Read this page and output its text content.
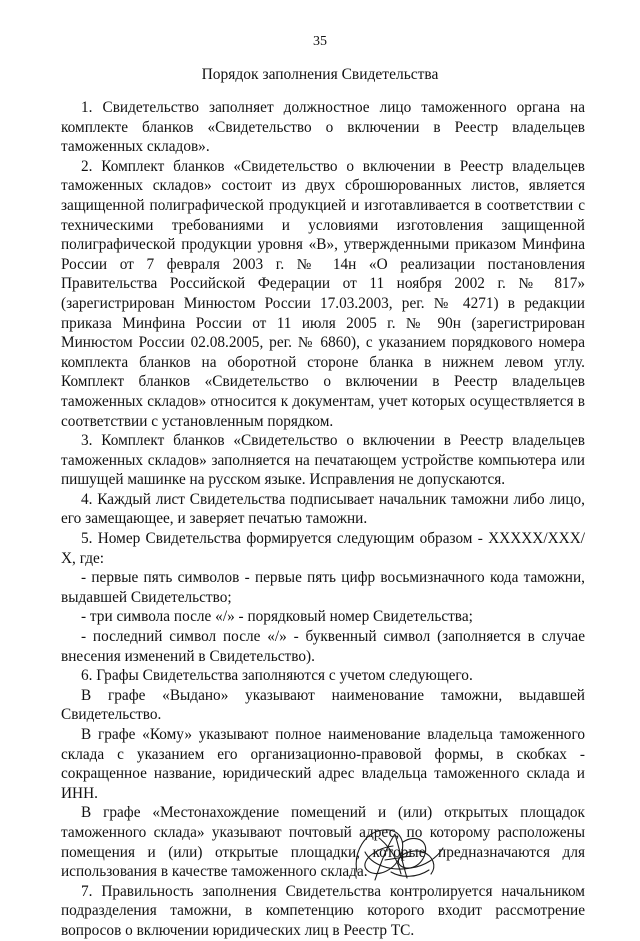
35
Порядок заполнения Свидетельства

1. Свидетельство заполняет должностное лицо таможенного органа на комплекте бланков «Свидетельство о включении в Реестр владельцев таможенных складов».

2. Комплект бланков «Свидетельство о включении в Реестр владельцев таможенных складов» состоит из двух сброшюрованных листов, является защищенной полиграфической продукцией и изготавливается в соответствии с техническими требованиями и условиями изготовления защищенной полиграфической продукции уровня «В», утвержденными приказом Минфина России от 7 февраля 2003 г. № 14н «О реализации постановления Правительства Российской Федерации от 11 ноября 2002 г. № 817» (зарегистрирован Минюстом России 17.03.2003, рег. № 4271) в редакции приказа Минфина России от 11 июля 2005 г. № 90н (зарегистрирован Минюстом России 02.08.2005, рег. № 6860), с указанием порядкового номера комплекта бланков на оборотной стороне бланка в нижнем левом углу. Комплект бланков «Свидетельство о включении в Реестр владельцев таможенных складов» относится к документам, учет которых осуществляется в соответствии с установленным порядком.

3. Комплект бланков «Свидетельство о включении в Реестр владельцев таможенных складов» заполняется на печатающем устройстве компьютера или пишущей машинке на русском языке. Исправления не допускаются.

4. Каждый лист Свидетельства подписывает начальник таможни либо лицо, его замещающее, и заверяет печатью таможни.

5. Номер Свидетельства формируется следующим образом - ХХХХХ/ХХХ/Х, где:

- первые пять символов - первые пять цифр восьмизначного кода таможни, выдавшей Свидетельство;

- три символа после «/» - порядковый номер Свидетельства;

- последний символ после «/» - буквенный символ (заполняется в случае внесения изменений в Свидетельство).

6. Графы Свидетельства заполняются с учетом следующего.

В графе «Выдано» указывают наименование таможни, выдавшей Свидетельство.

В графе «Кому» указывают полное наименование владельца таможенного склада с указанием его организационно-правовой формы, в скобках - сокращенное название, юридический адрес владельца таможенного склада и ИНН.

В графе «Местонахождение помещений и (или) открытых площадок таможенного склада» указывают почтовый адрес, по которому расположены помещения и (или) открытые площадки, которые предназначаются для использования в качестве таможенного склада.

7. Правильность заполнения Свидетельства контролируется начальником подразделения таможни, в компетенцию которого входит рассмотрение вопросов о включении юридических лиц в Реестр ТС.
